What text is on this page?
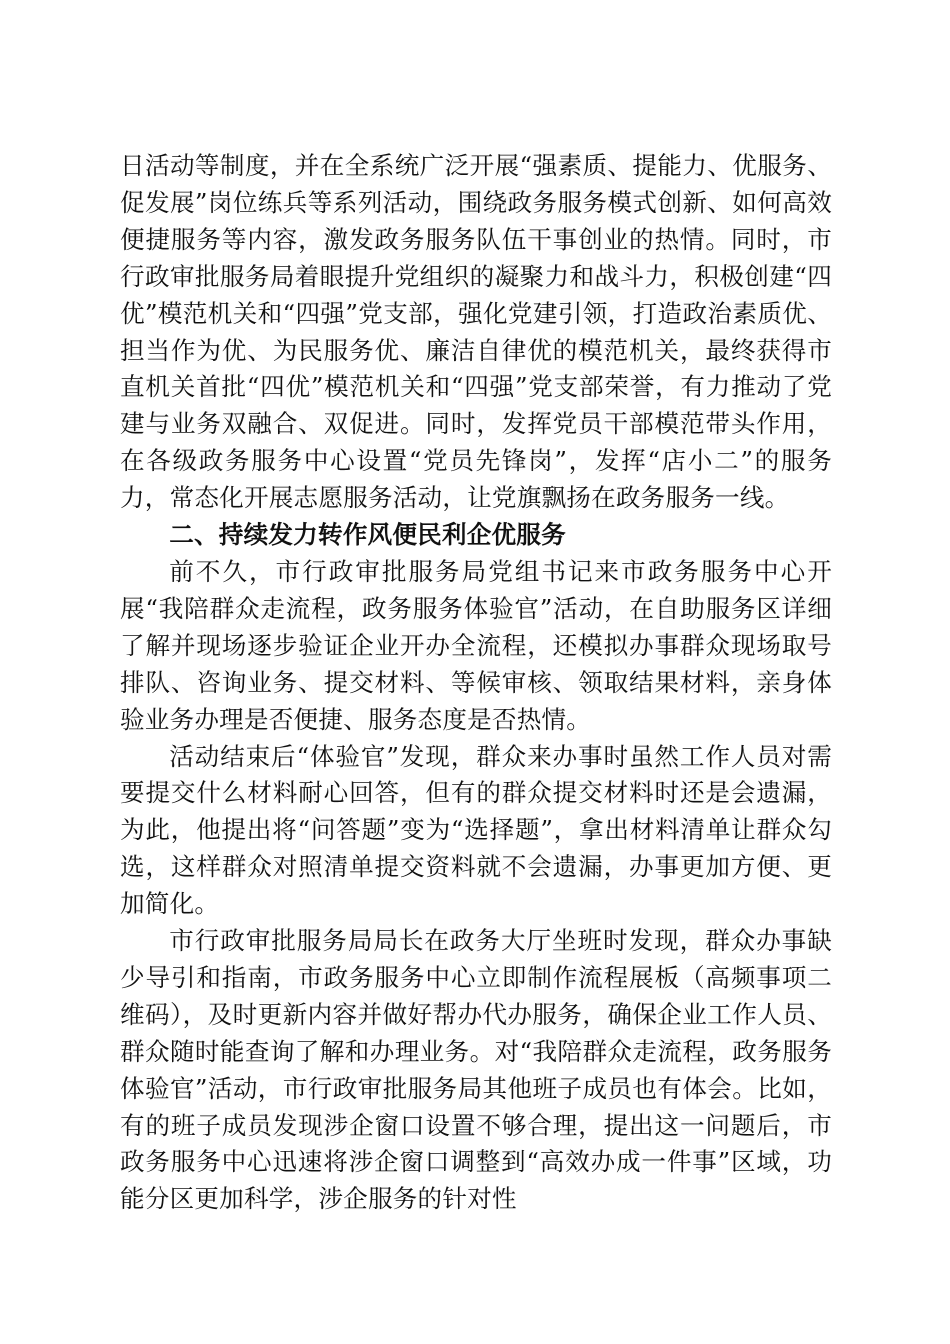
日活动等制度，并在全系统广泛开展“强素质、提能力、优服务、促发展”岗位练兵等系列活动，围绕政务服务模式创新、如何高效便捷服务等内容，激发政务服务队伍干事创业的热情。同时，市行政审批服务局着眼提升党组织的凝聚力和战斗力，积极创建“四优”模范机关和“四强”党支部，强化党建引领，打造政治素质优、担当作为优、为民服务优、廉洁自律优的模范机关，最终获得市直机关首批“四优”模范机关和“四强”党支部荣誉，有力推动了党建与业务双融合、双促进。同时，发挥党员干部模范带头作用，在各级政务服务中心设置“党员先锋岗”，发挥“店小二”的服务力，常态化开展志愿服务活动，让党旗飘扬在政务服务一线。

二、持续发力转作风便民利企优服务

前不久，市行政审批服务局党组书记来市政务服务中心开展“我陪群众走流程，政务服务体验官”活动，在自助服务区详细了解并现场逐步验证企业开办全流程，还模拟办事群众现场取号排队、咨询业务、提交材料、等候审核、领取结果材料，亲身体验业务办理是否便捷、服务态度是否热情。

活动结束后“体验官”发现，群众来办事时虽然工作人员对需要提交什么材料耐心回答，但有的群众提交材料时还是会遗漏，为此，他提出将“问答题”变为“选择题”，拿出材料清单让群众勾选，这样群众对照清单提交资料就不会遗漏，办事更加方便、更加简化。

市行政审批服务局局长在政务大厅坐班时发现，群众办事缺少导引和指南，市政务服务中心立即制作流程展板（高频事项二维码），及时更新内容并做好帮办代办服务，确保企业工作人员、群众随时能查询了解和办理业务。对“我陪群众走流程，政务服务体验官”活动，市行政审批服务局其他班子成员也有体会。比如，有的班子成员发现涉企窗口设置不够合理，提出这一问题后，市政务服务中心迅速将涉企窗口调整到“高效办成一件事”区域，功能分区更加科学，涉企服务的针对性
